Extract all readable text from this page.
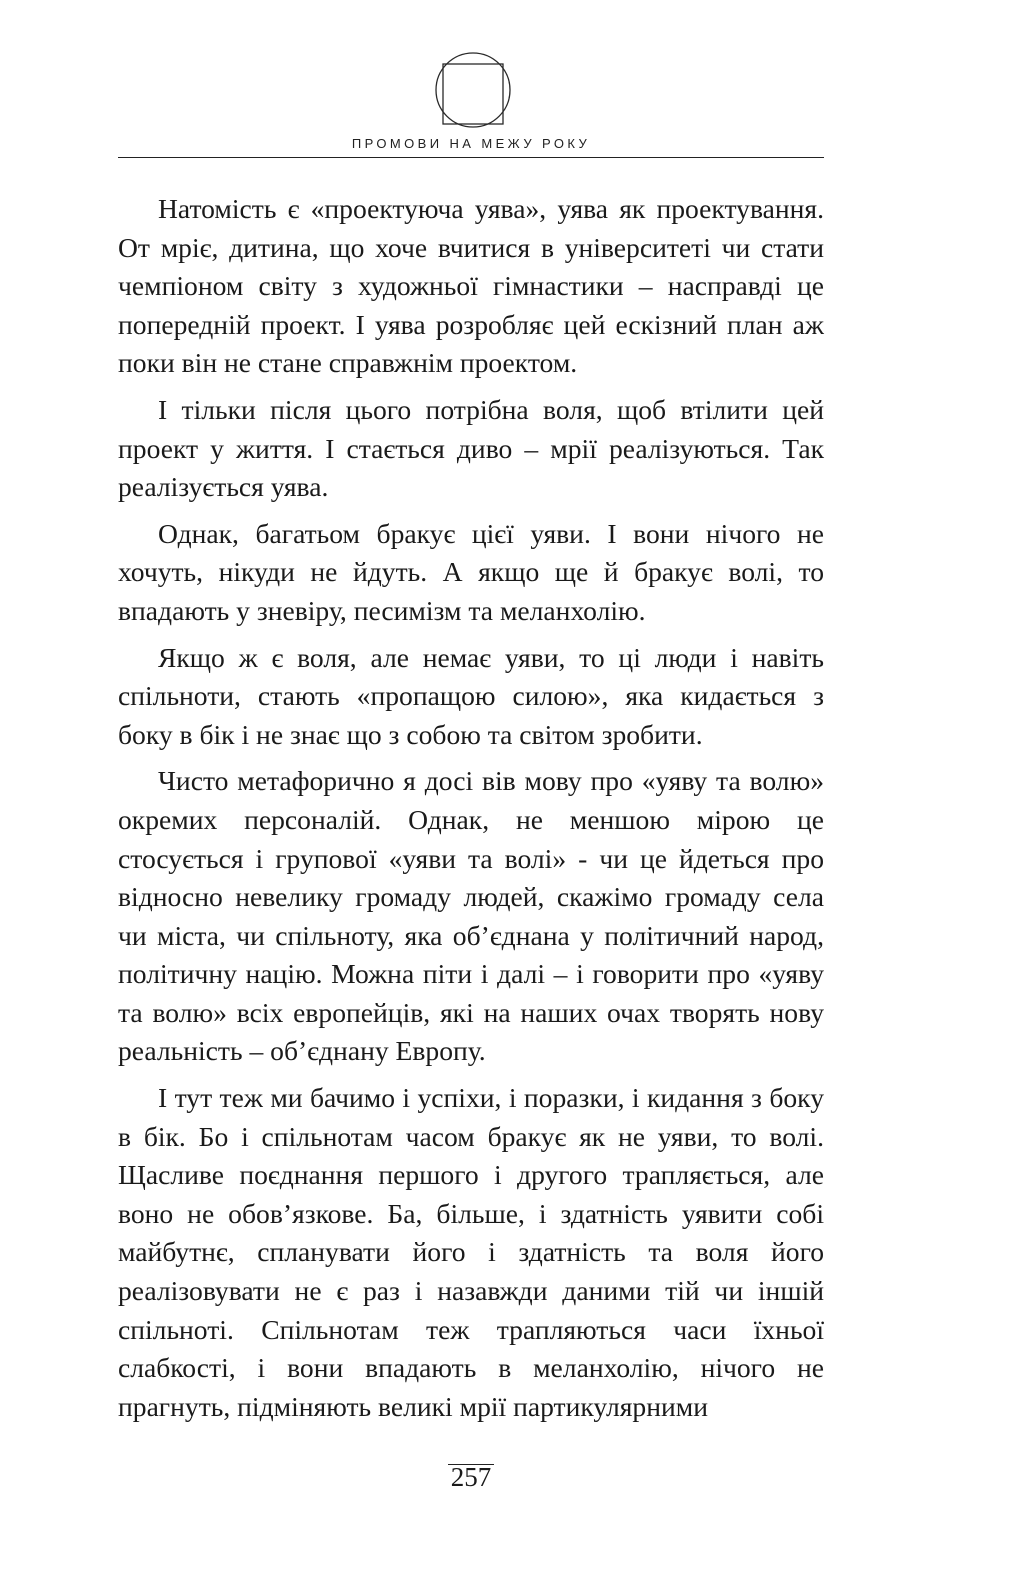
ПРОМОВИ НА МЕЖУ РОКУ

Натомість є «проектуюча уява», уява як проектування. От мріє, дитина, що хоче вчитися в університеті чи стати чемпіоном світу з художньої гімнастики – насправді це попередній проект. І уява розробляє цей ескізний план аж поки він не стане справжнім проектом.

І тільки після цього потрібна воля, щоб втілити цей проект у життя. І стається диво – мрії реалізуються. Так реалізується уява.

Однак, багатьом бракує цієї уяви. І вони нічого не хочуть, нікуди не йдуть. А якщо ще й бракує волі, то впадають у зневіру, песимізм та меланхолію.

Якщо ж є воля, але немає уяви, то ці люди і навіть спільноти, стають «пропащою силою», яка кидається з боку в бік і не знає що з собою та світом зробити.

Чисто метафорично я досі вів мову про «уяву та волю» окремих персоналій. Однак, не меншою мірою це стосується і групової «уяви та волі» - чи це йдеться про відносно невелику громаду людей, скажімо громаду села чи міста, чи спільноту, яка об’єднана у політичний народ, політичну націю. Можна піти і далі – і говорити про «уяву та волю» всіх европейців, які на наших очах творять нову реальність – об’єднану Европу.

І тут теж ми бачимо і успіхи, і поразки, і кидання з боку в бік. Бо і спільнотам часом бракує як не уяви, то волі. Щасливе поєднання першого і другого трапляється, але воно не обов’язкове. Ба, більше, і здатність уявити собі майбутнє, спланувати його і здатність та воля його реалізовувати не є раз і назавжди даними тій чи іншій спільноті. Спільнотам теж трапляються часи їхньої слабкості, і вони впадають в меланхолію, нічого не прагнуть, підміняють великі мрії партикулярними

257
